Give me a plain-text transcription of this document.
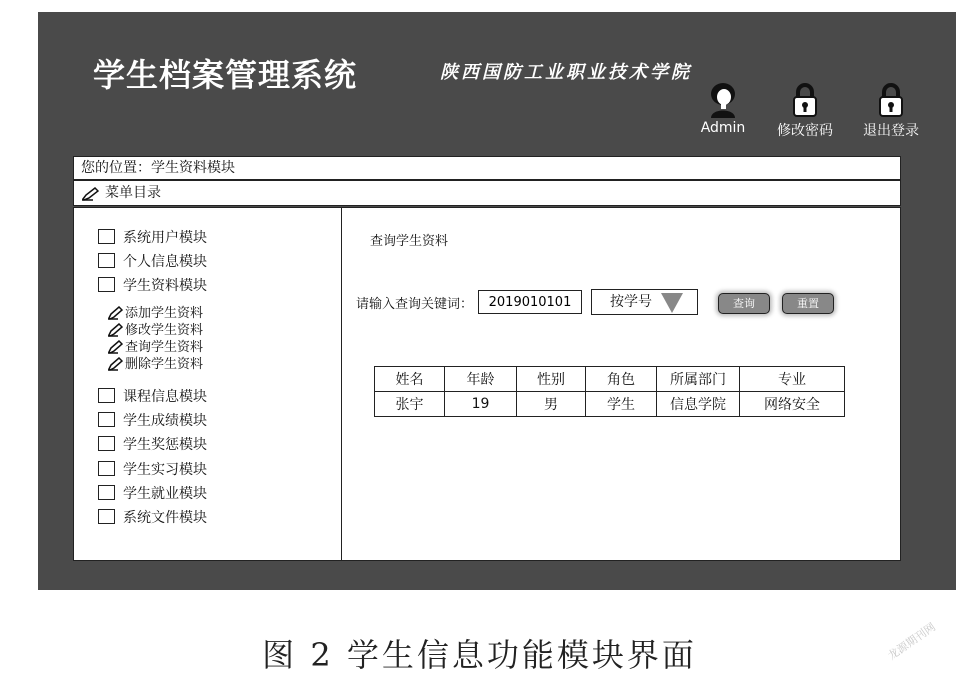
学生档案管理系统	陕西国防工业职业技术学院
Admin	修改密码	退出登录
您的位置：学生资料模块
菜单目录
系统用户模块
个人信息模块
学生资料模块
添加学生资料
修改学生资料
查询学生资料
删除学生资料
课程信息模块
学生成绩模块
学生奖惩模块
学生实习模块
学生就业模块
系统文件模块
查询学生资料
请输入查询关键词：
2019010101	按学号	查询	重置
姓名	年龄	性别	角色	所属部门	专业
张宇	19	男	学生	信息学院	网络安全
图 2 学生信息功能模块界面	龙源期刊网
